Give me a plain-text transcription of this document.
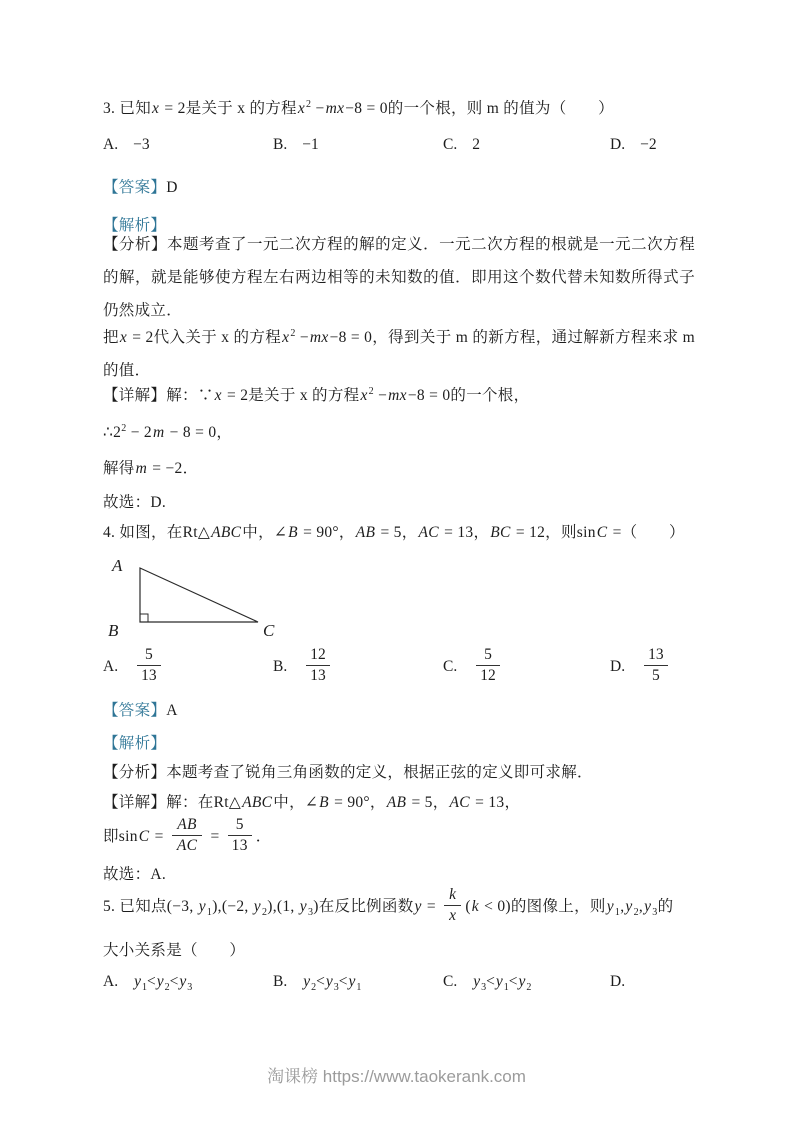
3. 已知x = 2是关于 x 的方程$x^2 -mx-8 = 0$的一个根，则 m 的值为（　　）
A. −3	B. −1	C. 2	D. −2
【答案】D
【解析】
【分析】本题考查了一元二次方程的解的定义．一元二次方程的根就是一元二次方程的解，就是能够使方程左右两边相等的未知数的值．即用这个数代替未知数所得式子仍然成立．
把x = 2代入关于 x 的方程$x^2 -mx-8 = 0$，得到关于 m 的新方程，通过解新方程来求 m 的值．
【详解】解：∵x = 2是关于 x 的方程$x^2 -mx-8 = 0$的一个根，
$\therefore 2^2 - 2m - 8 = 0$，
解得m = −2．
故选：D.
4. 如图，在Rt△ABC中，∠B = 90°，AB = 5，AC = 13，BC = 12，则sinC =（　　）
A. $\frac{5}{13}$	B. $\frac{12}{13}$	C. $\frac{5}{12}$	D. $\frac{13}{5}$
【答案】A
【解析】
【分析】本题考查了锐角三角函数的定义，根据正弦的定义即可求解．
【详解】解：在Rt△ABC中，∠B = 90°，AB = 5，AC = 13，
即$\sin C = \frac{AB}{AC} = \frac{5}{13}$ ．
故选：A.
5. 已知点(−3, $y_1),(-2$, $y_2),(1$, $y_3$)在反比例函数$y = \frac{k}{x} (k < 0)$的图像上，则$y_1,y_2,y_3$的
大小关系是（　　）
A. $y_1<y_2<y_3$	B. $y_2<y_3<y_1$	C. $y_3<y_1<y_2$	D.
A
B	C
淘课榜 https://www.taokerank.com
